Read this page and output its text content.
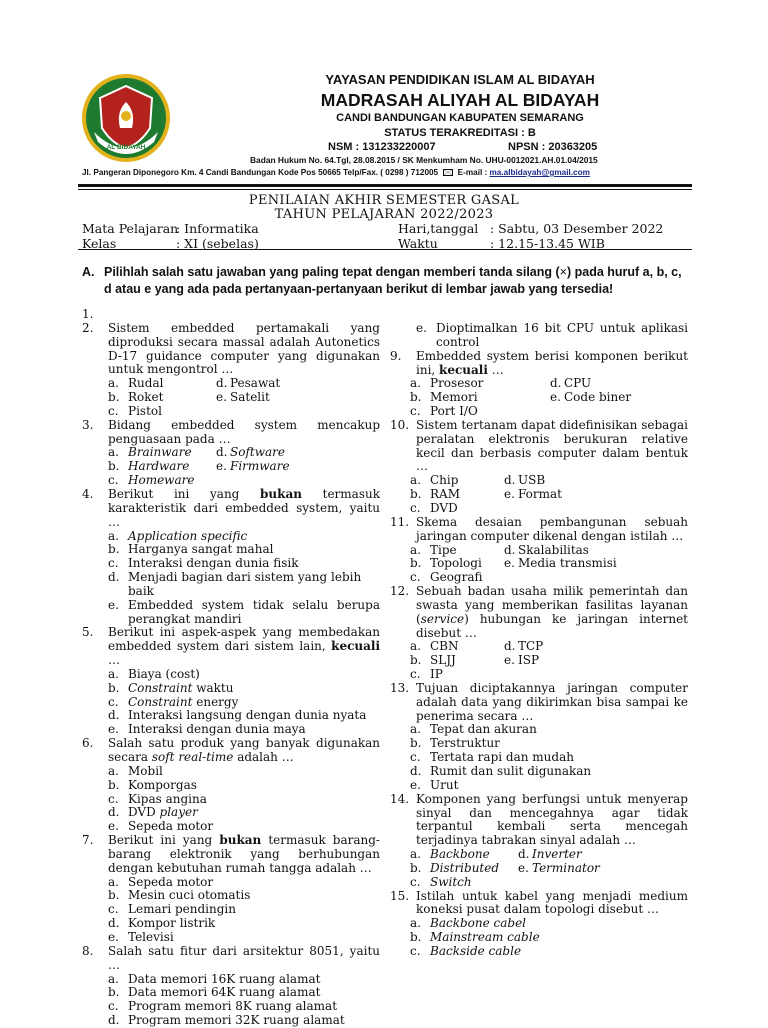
AL BIDAYAH
YAYASAN PENDIDIKAN ISLAM AL BIDAYAH
MADRASAH ALIYAH AL BIDAYAH
CANDI BANDUNGAN KABUPATEN SEMARANG
STATUS TERAKREDITASI : B
NSM : 131233220007	NPSN : 20363205
Badan Hukum No. 64.Tgl, 28.08.2015 / SK Menkumham No. UHU-0012021.AH.01.04/2015
Jl. Pangeran Diponegoro Km. 4 Candi Bandungan Kode Pos 50665 Telp/Fax. ( 0298 ) 712005 E-mail : ma.albidayah@gmail.com
PENILAIAN AKHIR SEMESTER GASAL
TAHUN PELAJARAN 2022/2023
Mata Pelajaran
: Informatika
Kelas	: XI (sebelas)
Hari,tanggal : Sabtu, 03 Desember 2022
Waktu	: 12.15-13.45 WIB
A. Pilihlah salah satu jawaban yang paling tepat dengan memberi tanda silang (×) pada huruf a, b, c,
d atau e yang ada pada pertanyaan-pertanyaan berikut di lembar jawab yang tersedia!
1.

2. Sistem embedded pertamakali yang diproduksi secara massal adalah Autonetics D-17 guidance computer yang digunakan untuk mengontrol …
a. Rudal	d. Pesawat
b. Roket	e. Satelit
c. Pistol
3. Bidang embedded system mencakup penguasaan pada …
a. Brainware d. Software
b. Hardware e. Firmware
c. Homeware
4. Berikut ini yang bukan termasuk karakteristik dari embedded system, yaitu …
a. Application specific
b. Harganya sangat mahal
c. Interaksi dengan dunia fisik
d. Menjadi bagian dari sistem yang lebih baik
e. Embedded system tidak selalu berupa perangkat mandiri
5. Berikut ini aspek-aspek yang membedakan embedded system dari sistem lain, kecuali …
a. Biaya (cost)
b. Constraint waktu
c. Constraint energy
d. Interaksi langsung dengan dunia nyata
e. Interaksi dengan dunia maya
6. Salah satu produk yang banyak digunakan secara soft real-time adalah …
a. Mobil
b. Komporgas
c. Kipas angina
d. DVD player
e. Sepeda motor
7. Berikut ini yang bukan termasuk barang-barang elektronik yang berhubungan dengan kebutuhan rumah tangga adalah …
a. Sepeda motor
b. Mesin cuci otomatis
c. Lemari pendingin
d. Kompor listrik
e. Televisi
8. Salah satu fitur dari arsitektur 8051, yaitu …
a. Data memori 16K ruang alamat
b. Data memori 64K ruang alamat
c. Program memori 8K ruang alamat
d. Program memori 32K ruang alamat
e. Dioptimalkan 16 bit CPU untuk aplikasi control
9. Embedded system berisi komponen berikut ini, kecuali …
a. Prosesor	d. CPU
b. Memori	e. Code biner
c. Port I/O
10. Sistem tertanam dapat didefinisikan sebagai peralatan elektronis berukuran relative kecil dan berbasis computer dalam bentuk …
a. Chip	d. USB
b. RAM	e. Format
c. DVD
11. Skema desaian pembangunan sebuah jaringan computer dikenal dengan istilah …
a. Tipe	d. Skalabilitas
b. Topologi e. Media transmisi
c. Geografi
12. Sebuah badan usaha milik pemerintah dan swasta yang memberikan fasilitas layanan (service) hubungan ke jaringan internet disebut …
a. CBN	d. TCP
b. SLJJ	e. ISP
c. IP
13. Tujuan diciptakannya jaringan computer adalah data yang dikirimkan bisa sampai ke penerima secara …
a. Tepat dan akuran
b. Terstruktur
c. Tertata rapi dan mudah
d. Rumit dan sulit digunakan
e. Urut
14. Komponen yang berfungsi untuk menyerap sinyal dan mencegahnya agar tidak terpantul kembali serta mencegah terjadinya tabrakan sinyal adalah …
a. Backbone d. Inverter
b. Distributed e. Terminator
c. Switch
15. Istilah untuk kabel yang menjadi medium koneksi pusat dalam topologi disebut …
a. Backbone cabel
b. Mainstream cable
c. Backside cable
